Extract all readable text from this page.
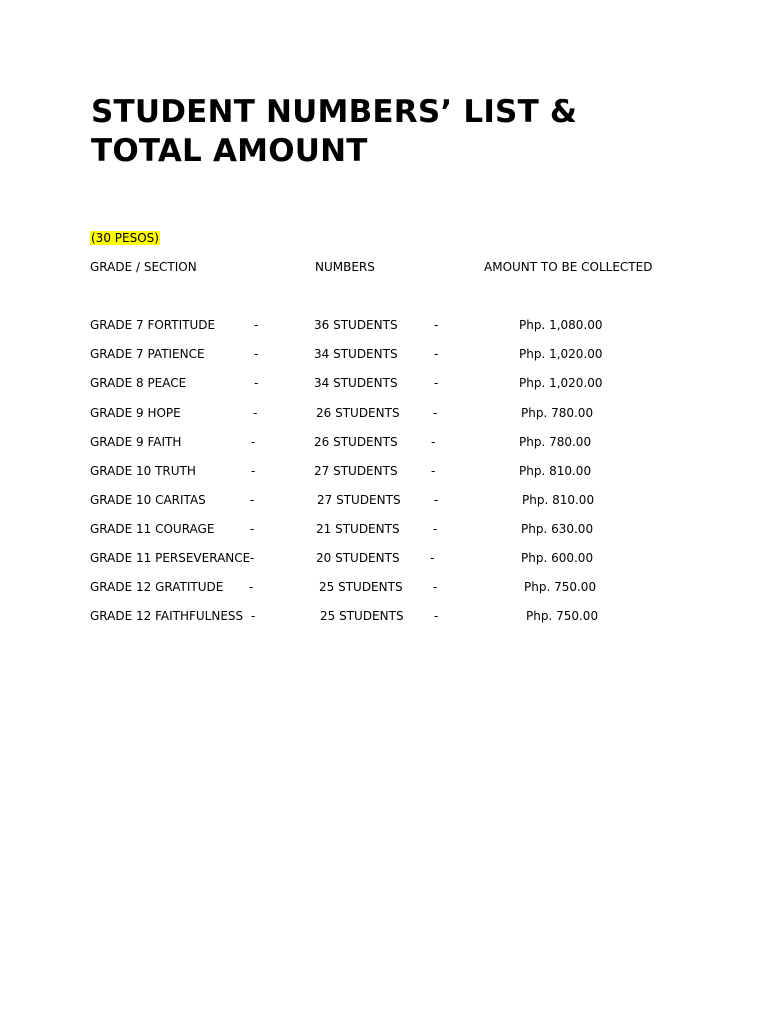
STUDENT NUMBERS’ LIST &
TOTAL AMOUNT
(30 PESOS)
GRADE / SECTION	NUMBERS	AMOUNT TO BE COLLECTED
GRADE 7 FORTITUDE	-	36 STUDENTS	-	Php. 1,080.00
GRADE 7 PATIENCE	-	34 STUDENTS	-	Php. 1,020.00
GRADE 8 PEACE	-	34 STUDENTS	-	Php. 1,020.00
GRADE 9 HOPE	-	26 STUDENTS	-	Php. 780.00
GRADE 9 FAITH	-	26 STUDENTS	-	Php. 780.00
GRADE 10 TRUTH	-	27 STUDENTS	-	Php. 810.00
GRADE 10 CARITAS	-	27 STUDENTS	-	Php. 810.00
GRADE 11 COURAGE	-	21 STUDENTS	-	Php. 630.00
GRADE 11 PERSEVERANCE -	20 STUDENTS	-	Php. 600.00
GRADE 12 GRATITUDE -	25 STUDENTS	-	Php. 750.00
GRADE 12 FAITHFULNESS -	25 STUDENTS	-	Php. 750.00
